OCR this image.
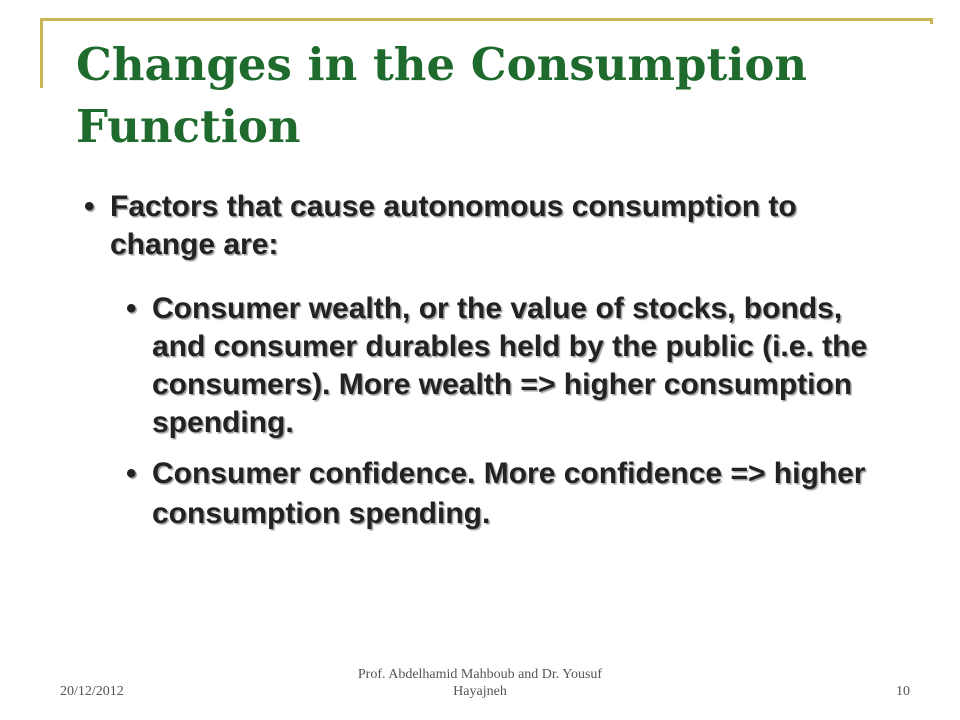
Changes in the Consumption Function
• Factors that cause autonomous consumption to change are:
• Consumer wealth, or the value of stocks, bonds, and consumer durables held by the public (i.e. the consumers). More wealth => higher consumption spending.
• Consumer confidence. More confidence => higher consumption spending.
20/12/2012
Prof. Abdelhamid Mahboub and Dr. Yousuf Hayajneh	10
